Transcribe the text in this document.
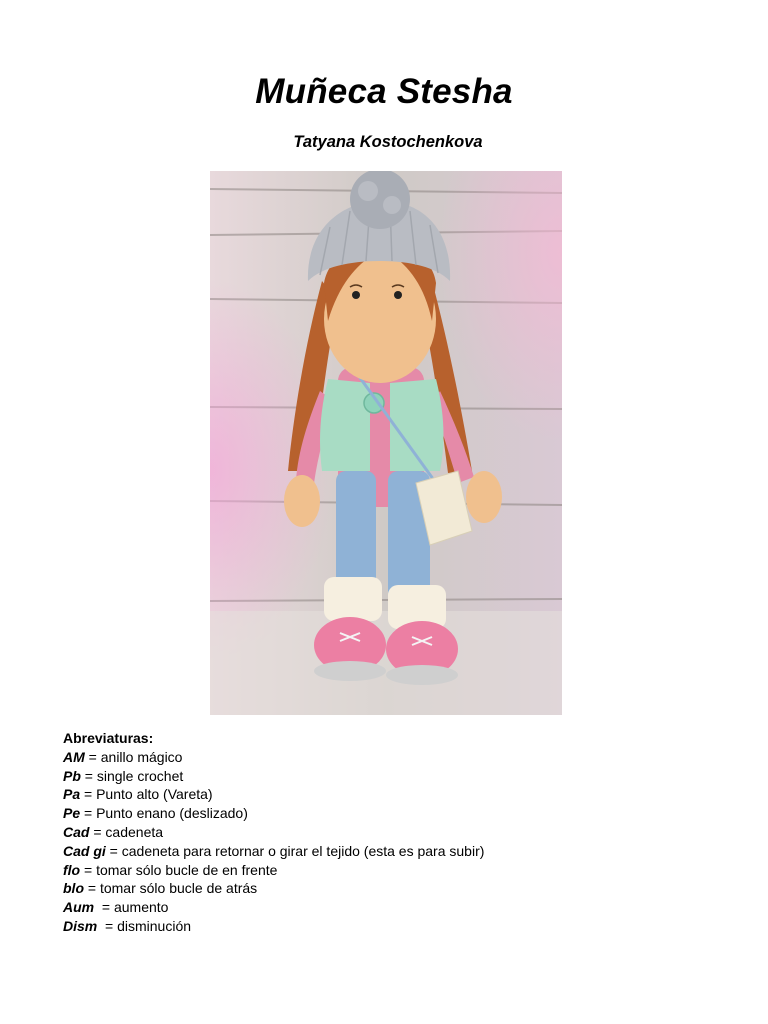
Muñeca Stesha
Tatyana Kostochenkova
Abreviaturas:
AM = anillo mágico
Pb = single crochet
Pa = Punto alto (Vareta)
Pe = Punto enano (deslizado)
Cad = cadeneta
Cad gi = cadeneta para retornar o girar el tejido (esta es para subir)
flo = tomar sólo bucle de en frente
blo = tomar sólo bucle de atrás
Aum  = aumento
Dism  = disminución
